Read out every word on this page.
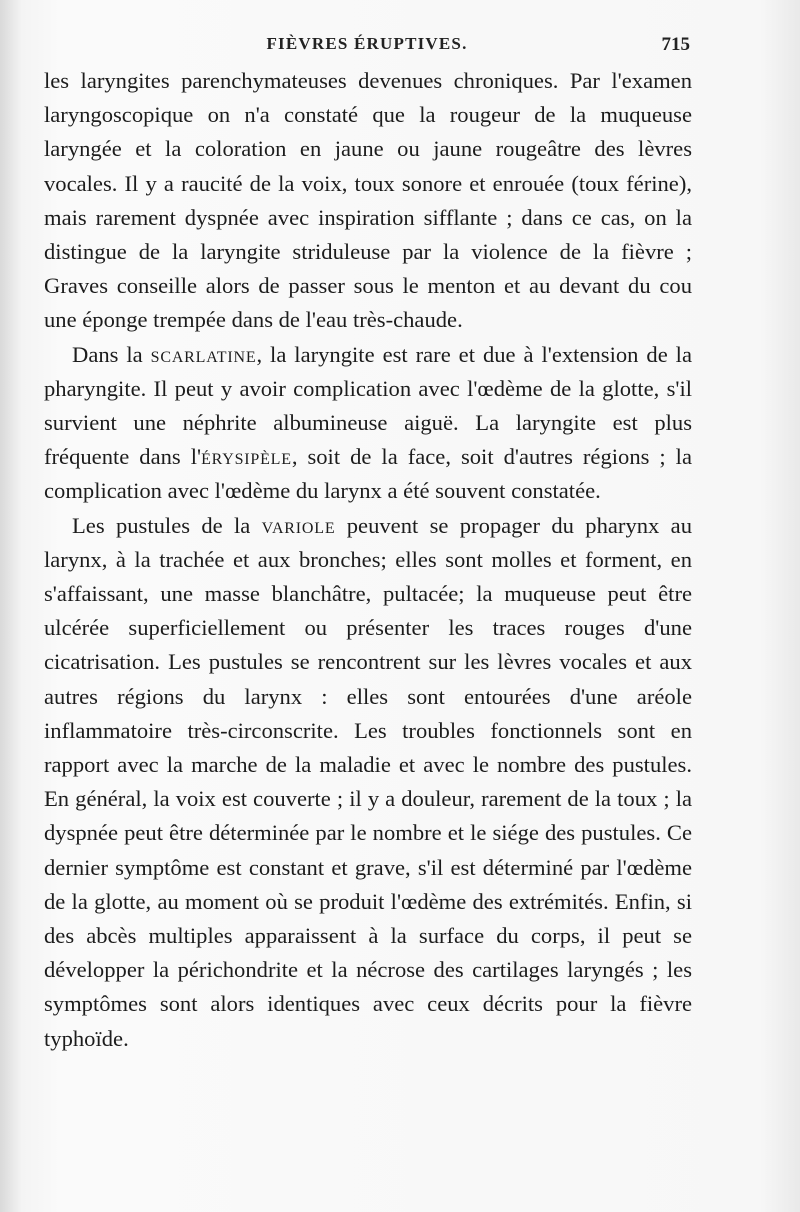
FIÈVRES ÉRUPTIVES.	715

les laryngites parenchymateuses devenues chroniques. Par l'examen laryngoscopique on n'a constaté que la rougeur de la muqueuse laryngée et la coloration en jaune ou jaune rougeâtre des lèvres vocales. Il y a raucité de la voix, toux sonore et enrouée (toux férine), mais rarement dyspnée avec inspiration sifflante ; dans ce cas, on la distingue de la laryngite striduleuse par la violence de la fièvre ; Graves conseille alors de passer sous le menton et au devant du cou une éponge trempée dans de l'eau très-chaude.

Dans la scarlatine, la laryngite est rare et due à l'extension de la pharyngite. Il peut y avoir complication avec l'œdème de la glotte, s'il survient une néphrite albumineuse aiguë. La laryngite est plus fréquente dans l'érysipèle, soit de la face, soit d'autres régions ; la complication avec l'œdème du larynx a été souvent constatée.

Les pustules de la variole peuvent se propager du pharynx au larynx, à la trachée et aux bronches; elles sont molles et forment, en s'affaissant, une masse blanchâtre, pultacée; la muqueuse peut être ulcérée superficiellement ou présenter les traces rouges d'une cicatrisation. Les pustules se rencontrent sur les lèvres vocales et aux autres régions du larynx : elles sont entourées d'une aréole inflammatoire très-circonscrite. Les troubles fonctionnels sont en rapport avec la marche de la maladie et avec le nombre des pustules. En général, la voix est couverte ; il y a douleur, rarement de la toux ; la dyspnée peut être déterminée par le nombre et le siége des pustules. Ce dernier symptôme est constant et grave, s'il est déterminé par l'œdème de la glotte, au moment où se produit l'œdème des extrémités. Enfin, si des abcès multiples apparaissent à la surface du corps, il peut se développer la périchondrite et la nécrose des cartilages laryngés ; les symptômes sont alors identiques avec ceux décrits pour la fièvre typhoïde.
